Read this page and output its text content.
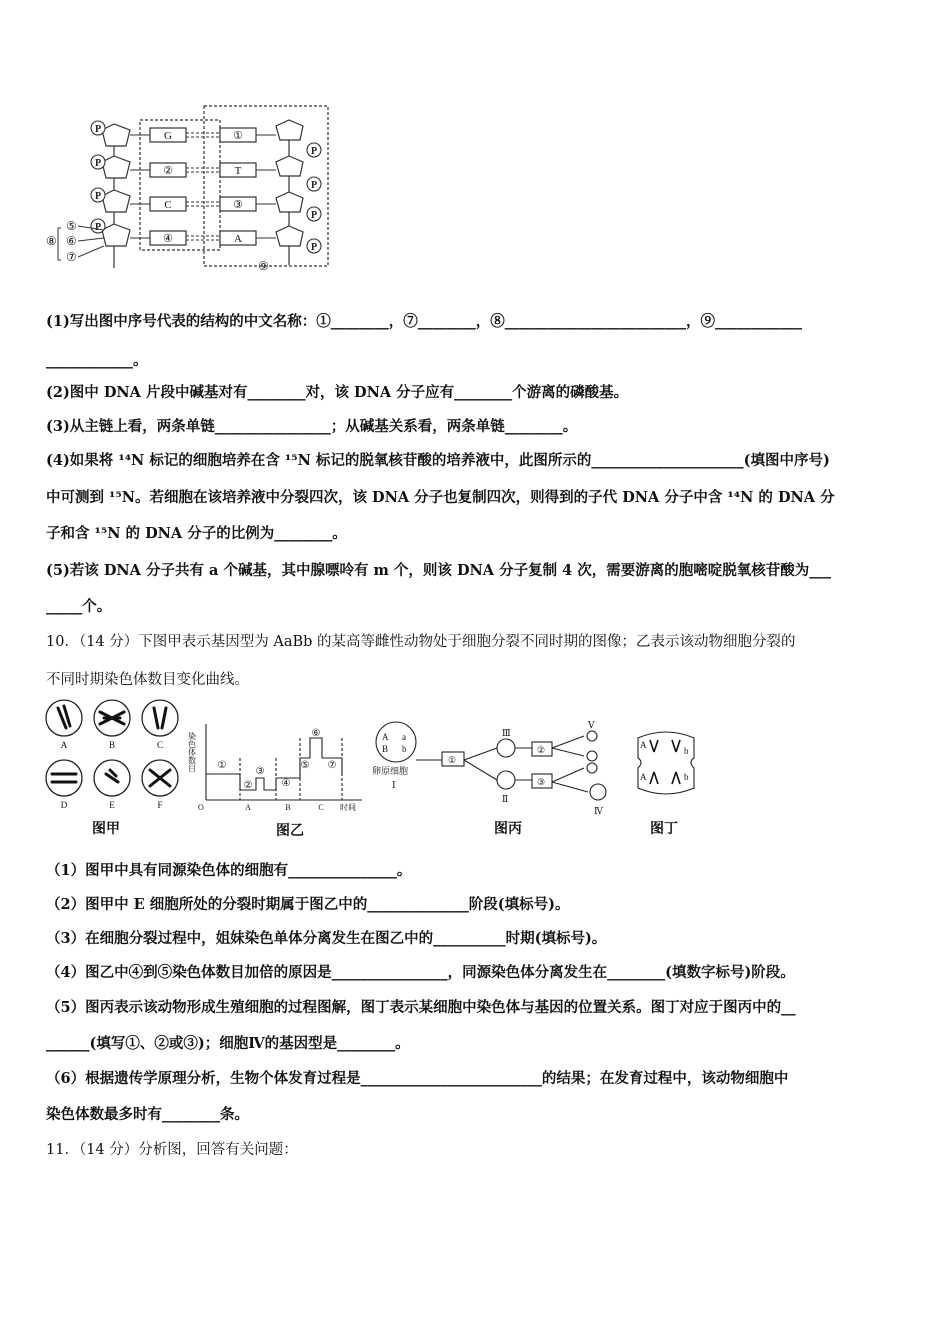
P
P
P
P
P
P
P
P
G	①
②	T
C	③
④	A
⑤
⑥
⑦
⑧
⑨
(1)写出图中序号代表的结构的中文名称：①________，⑦________，⑧_________________________，⑨____________
____________。
(2)图中 DNA 片段中碱基对有________对，该 DNA 分子应有________个游离的磷酸基。
(3)从主链上看，两条单链________________；从碱基关系看，两条单链________。
(4)如果将 ¹⁴N 标记的细胞培养在含 ¹⁵N 标记的脱氧核苷酸的培养液中，此图所示的_____________________(填图中序号)
中可测到 ¹⁵N。若细胞在该培养液中分裂四次，该 DNA 分子也复制四次，则得到的子代 DNA 分子中含 ¹⁴N 的 DNA 分
子和含 ¹⁵N 的 DNA 分子的比例为________。
(5)若该 DNA 分子共有 a 个碱基，其中腺嘌呤有 m 个，则该 DNA 分子复制 4 次，需要游离的胞嘧啶脱氧核苷酸为___
_____个。
10．（14 分）下图甲表示基因型为 AaBb 的某高等雌性动物处于细胞分裂不同时期的图像；乙表示该动物细胞分裂的
不同时期染色体数目变化曲线。
A	B	C
D	E	F
图甲
染色体数目
O	时间
①
②
③
④
⑤
⑥
⑦
A	B	C
图乙
A a
B b
卵原细胞
Ⅰ
①
②
③
Ⅲ
Ⅱ
Ⅴ
Ⅳ
图丙
A
b
A	b
图丁
（1）图甲中具有同源染色体的细胞有_______________。
（2）图甲中 E 细胞所处的分裂时期属于图乙中的______________阶段(填标号)。
（3）在细胞分裂过程中，姐妹染色单体分离发生在图乙中的__________时期(填标号)。
（4）图乙中④到⑤染色体数目加倍的原因是________________，同源染色体分离发生在________(填数字标号)阶段。
（5）图丙表示该动物形成生殖细胞的过程图解，图丁表示某细胞中染色体与基因的位置关系。图丁对应于图丙中的__
______(填写①、②或③)；细胞Ⅳ的基因型是________。
（6）根据遗传学原理分析，生物个体发育过程是_________________________的结果；在发育过程中，该动物细胞中
染色体数最多时有________条。
11．（14 分）分析图，回答有关问题：
